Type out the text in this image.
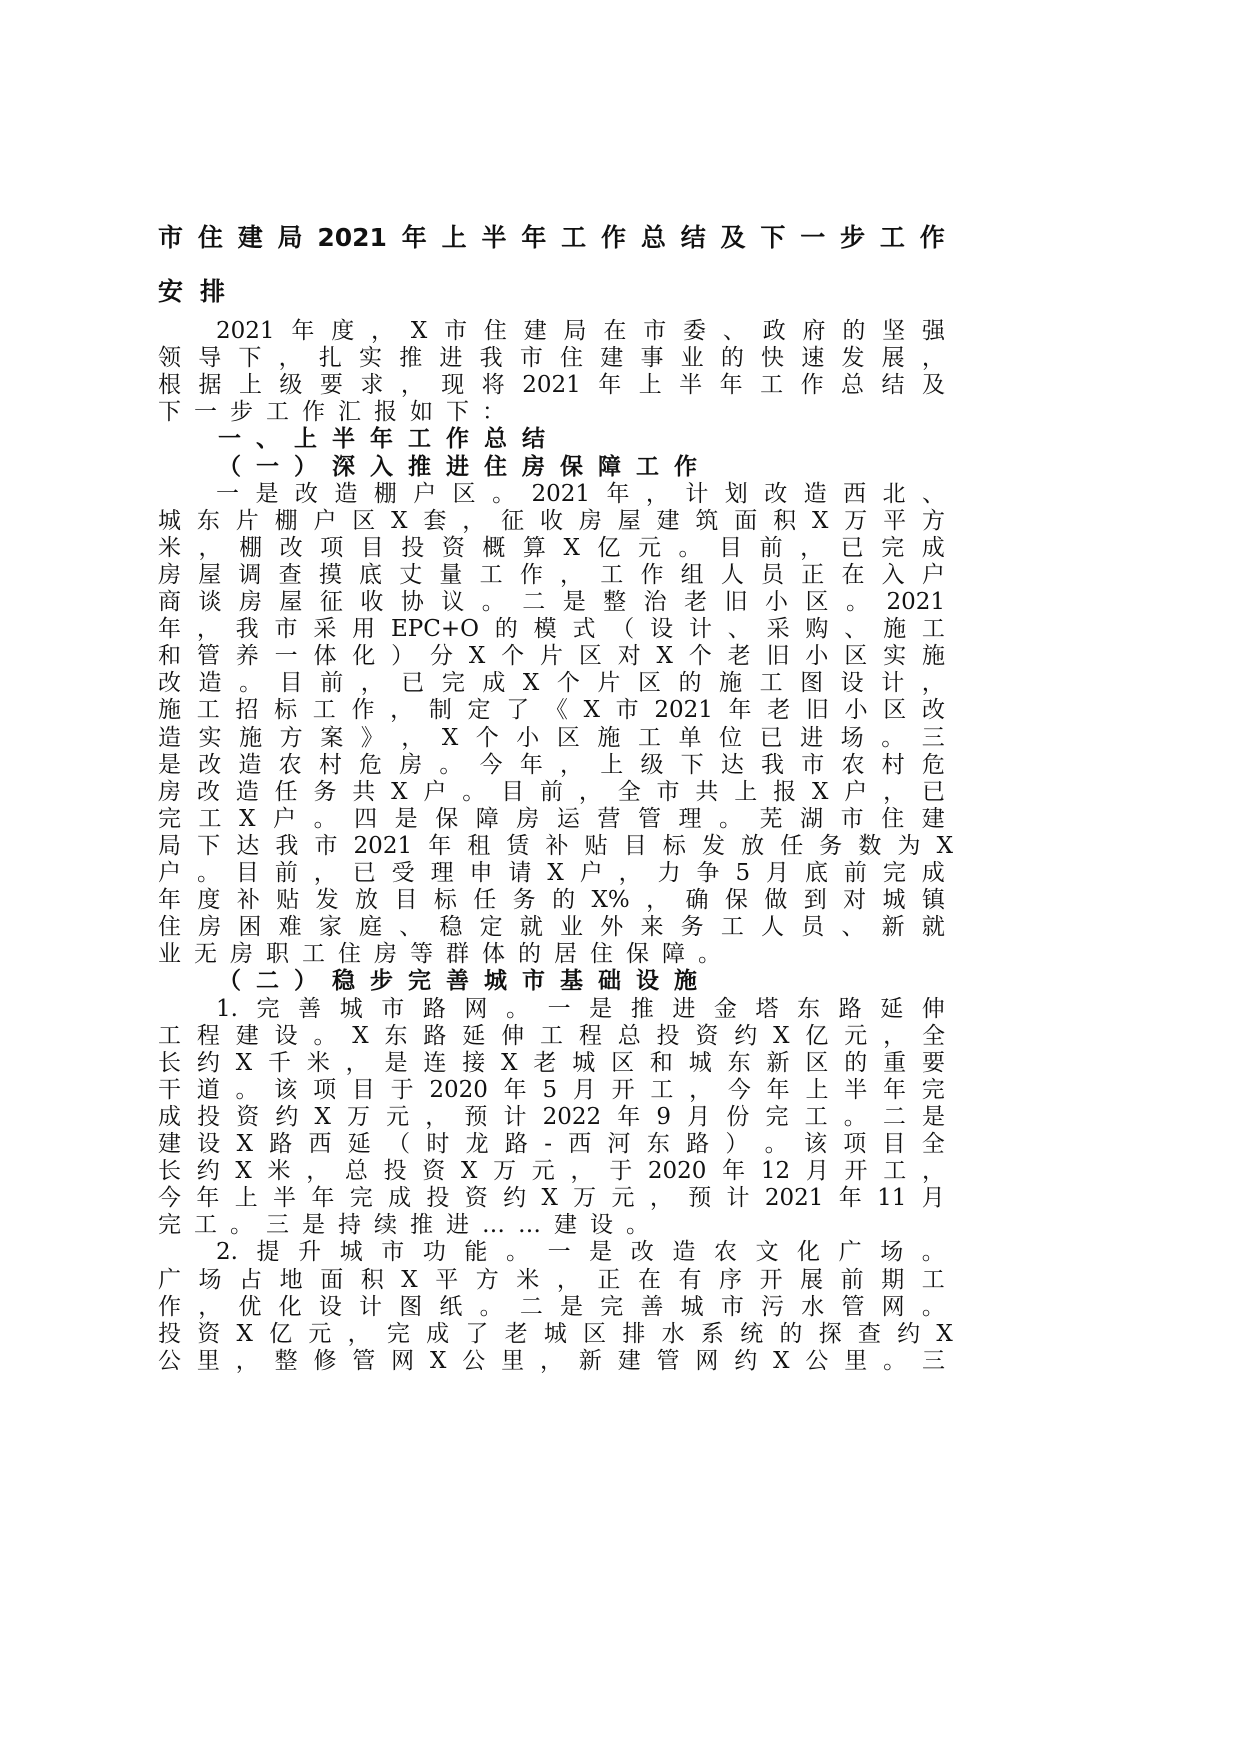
市 住 建 局 2021 年 上 半 年 工 作 总 结 及 下 一 步 工 作
安 排
2021 年 度 ， X 市 住 建 局 在 市 委 、 政 府 的 坚 强
领 导 下 ， 扎 实 推 进 我 市 住 建 事 业 的 快 速 发 展 ，
根 据 上 级 要 求 ， 现 将 2021 年 上 半 年 工 作 总 结 及
下 一 步 工 作 汇 报 如 下 ：
一 、 上 半 年 工 作 总 结
（ 一 ） 深 入 推 进 住 房 保 障 工 作
一 是 改 造 棚 户 区 。 2021 年 ， 计 划 改 造 西 北 、
城 东 片 棚 户 区 X 套 ， 征 收 房 屋 建 筑 面 积 X 万 平 方
米 ， 棚 改 项 目 投 资 概 算 X 亿 元 。 目 前 ， 已 完 成
房 屋 调 查 摸 底 丈 量 工 作 ， 工 作 组 人 员 正 在 入 户
商 谈 房 屋 征 收 协 议 。 二 是 整 治 老 旧 小 区 。 2021
年 ， 我 市 采 用 EPC+O 的 模 式 （ 设 计 、 采 购 、 施 工
和 管 养 一 体 化 ） 分 X 个 片 区 对 X 个 老 旧 小 区 实 施
改 造 。 目 前 ， 已 完 成 X 个 片 区 的 施 工 图 设 计 ，
施 工 招 标 工 作 ， 制 定 了 《 X 市 2021 年 老 旧 小 区 改
造 实 施 方 案 》 ， X 个 小 区 施 工 单 位 已 进 场 。 三
是 改 造 农 村 危 房 。 今 年 ， 上 级 下 达 我 市 农 村 危
房 改 造 任 务 共 X 户 。 目 前 ， 全 市 共 上 报 X 户 ， 已
完 工 X 户 。 四 是 保 障 房 运 营 管 理 。 芜 湖 市 住 建
局 下 达 我 市 2021 年 租 赁 补 贴 目 标 发 放 任 务 数 为 X
户 。 目 前 ， 已 受 理 申 请 X 户 ， 力 争 5 月 底 前 完 成
年 度 补 贴 发 放 目 标 任 务 的 X% ， 确 保 做 到 对 城 镇
住 房 困 难 家 庭 、 稳 定 就 业 外 来 务 工 人 员 、 新 就
业 无 房 职 工 住 房 等 群 体 的 居 住 保 障 。
（ 二 ） 稳 步 完 善 城 市 基 础 设 施
1. 完 善 城 市 路 网 。 一 是 推 进 金 塔 东 路 延 伸
工 程 建 设 。 X 东 路 延 伸 工 程 总 投 资 约 X 亿 元 ， 全
长 约 X 千 米 ， 是 连 接 X 老 城 区 和 城 东 新 区 的 重 要
干 道 。 该 项 目 于 2020 年 5 月 开 工 ， 今 年 上 半 年 完
成 投 资 约 X 万 元 ， 预 计 2022 年 9 月 份 完 工 。 二 是
建 设 X 路 西 延 （ 时 龙 路 - 西 河 东 路 ） 。 该 项 目 全
长 约 X 米 ， 总 投 资 X 万 元 ， 于 2020 年 12 月 开 工 ，
今 年 上 半 年 完 成 投 资 约 X 万 元 ， 预 计 2021 年 11 月
完 工 。 三 是 持 续 推 进 … … 建 设 。
2. 提 升 城 市 功 能 。 一 是 改 造 农 文 化 广 场 。
广 场 占 地 面 积 X 平 方 米 ， 正 在 有 序 开 展 前 期 工
作 ， 优 化 设 计 图 纸 。 二 是 完 善 城 市 污 水 管 网 。
投 资 X 亿 元 ， 完 成 了 老 城 区 排 水 系 统 的 探 查 约 X
公 里 ， 整 修 管 网 X 公 里 ， 新 建 管 网 约 X 公 里 。 三
